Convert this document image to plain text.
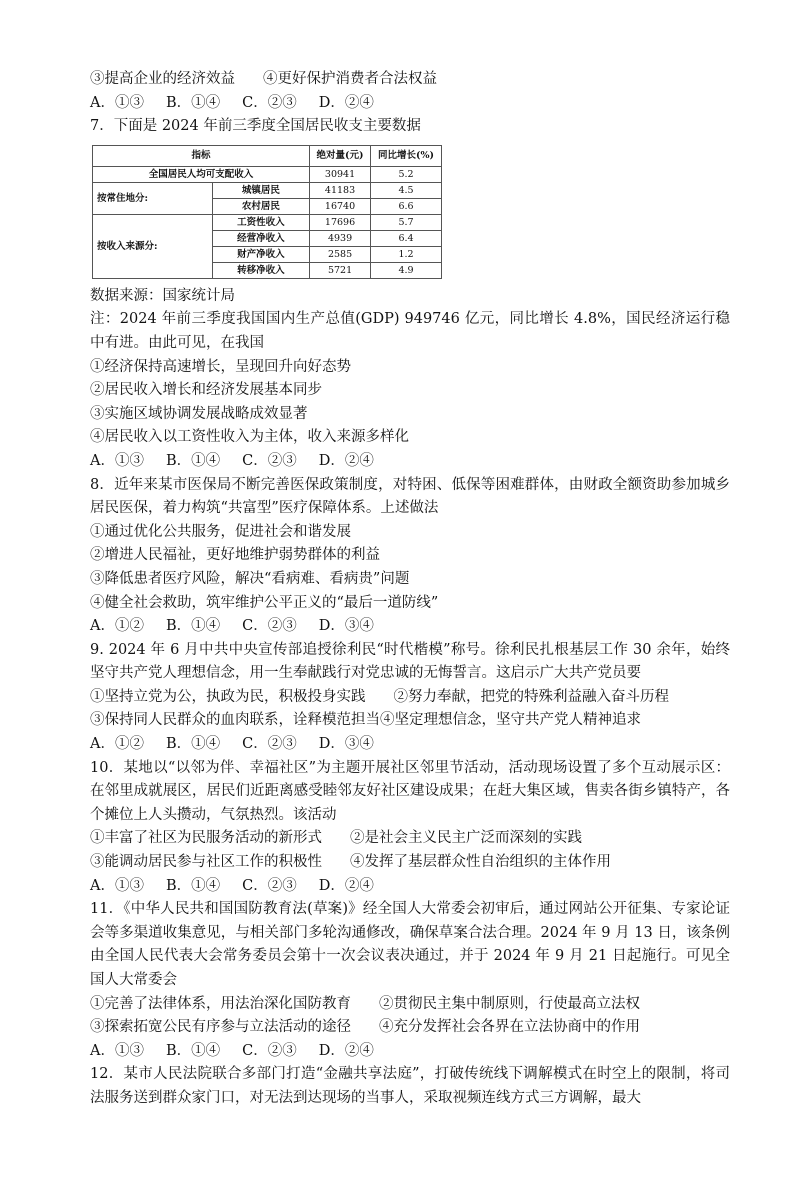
③提高企业的经济效益 ④更好保护消费者合法权益
A．①③ B．①④ C．②③ D．②④
7．下面是 2024 年前三季度全国居民收支主要数据
指标		绝对量(元)	同比增长(%)
全国居民人均可支配收入		30941	5.2
按常住地分:	城镇居民	41183	4.5
	农村居民	16740	6.6
按收入来源分:	工资性收入	17696	5.7
	经营净收入	4939	6.4
	财产净收入	2585	1.2
	转移净收入	5721	4.9
数据来源：国家统计局
注：2024 年前三季度我国国内生产总值(GDP) 949746 亿元，同比增长 4.8%，国民经济运行稳中有进。由此可见，在我国
①经济保持高速增长，呈现回升向好态势
②居民收入增长和经济发展基本同步
③实施区域协调发展战略成效显著
④居民收入以工资性收入为主体，收入来源多样化
A．①③ B．①④ C．②③ D．②④
8．近年来某市医保局不断完善医保政策制度，对特困、低保等困难群体，由财政全额资助参加城乡居民医保，着力构筑“共富型”医疗保障体系。上述做法
①通过优化公共服务，促进社会和谐发展
②增进人民福祉，更好地维护弱势群体的利益
③降低患者医疗风险，解决“看病难、看病贵”问题
④健全社会救助，筑牢维护公平正义的“最后一道防线”
A．①② B．①④ C．②③ D．③④
9. 2024 年 6 月中共中央宣传部追授徐利民“时代楷模”称号。徐利民扎根基层工作 30 余年，始终坚守共产党人理想信念，用一生奉献践行对党忠诚的无悔誓言。这启示广大共产党员要
①坚持立党为公，执政为民，积极投身实践 ②努力奉献，把党的特殊利益融入奋斗历程
③保持同人民群众的血肉联系，诠释模范担当④坚定理想信念，坚守共产党人精神追求
A．①② B．①④ C．②③ D．③④
10．某地以“以邻为伴、幸福社区”为主题开展社区邻里节活动，活动现场设置了多个互动展示区：在邻里成就展区，居民们近距离感受睦邻友好社区建设成果；在赶大集区域，售卖各街乡镇特产，各个摊位上人头攒动，气氛热烈。该活动
①丰富了社区为民服务活动的新形式 ②是社会主义民主广泛而深刻的实践
③能调动居民参与社区工作的积极性 ④发挥了基层群众性自治组织的主体作用
A．①③ B．①④ C．②③ D．②④
11．《中华人民共和国国防教育法(草案)》经全国人大常委会初审后，通过网站公开征集、专家论证会等多渠道收集意见，与相关部门多轮沟通修改，确保草案合法合理。2024 年 9 月 13 日，该条例由全国人民代表大会常务委员会第十一次会议表决通过，并于 2024 年 9 月 21 日起施行。可见全国人大常委会
①完善了法律体系，用法治深化国防教育 ②贯彻民主集中制原则，行使最高立法权
③探索拓宽公民有序参与立法活动的途径 ④充分发挥社会各界在立法协商中的作用
A．①③ B．①④ C．②③ D．②④
12．某市人民法院联合多部门打造“金融共享法庭”，打破传统线下调解模式在时空上的限制，将司法服务送到群众家门口，对无法到达现场的当事人，采取视频连线方式三方调解，最大
